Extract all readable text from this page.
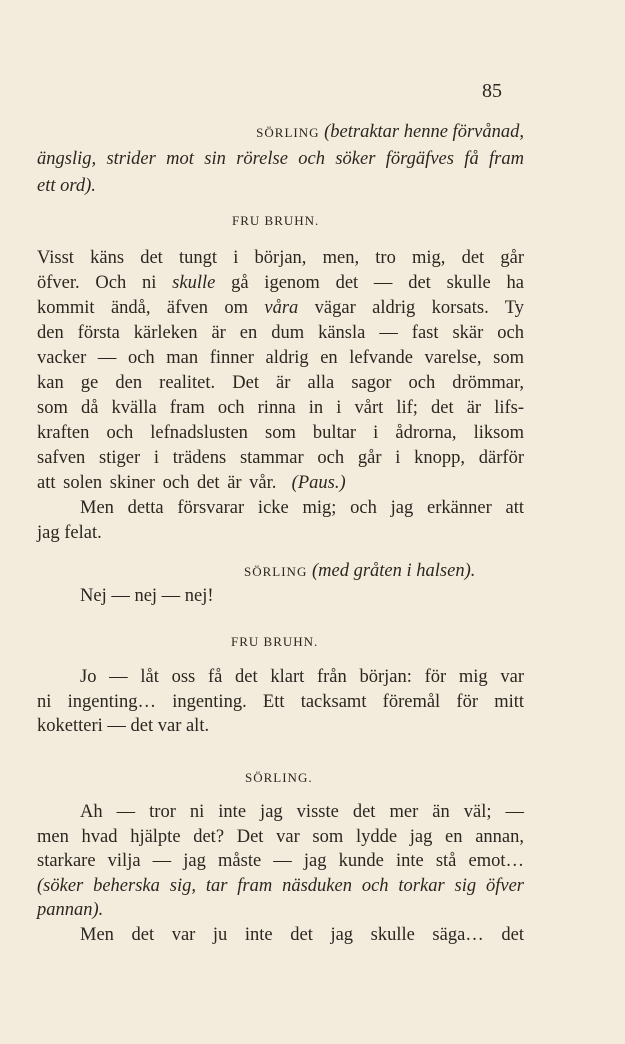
85
SÖRLING (betraktar henne förvånad,
ängslig, strider mot sin rörelse och söker förgäfves få fram
ett ord).
FRU BRUHN.
Visst käns det tungt i början, men, tro mig, det går
öfver. Och ni skulle gå igenom det — det skulle ha
kommit ändå, äfven om våra vägar aldrig korsats. Ty
den första kärleken är en dum känsla — fast skär och
vacker — och man finner aldrig en lefvande varelse, som
kan ge den realitet. Det är alla sagor och drömmar,
som då kvälla fram och rinna in i vårt lif; det är lifs-
kraften och lefnadslusten som bultar i ådrorna, liksom
safven stiger i trädens stammar och går i knopp, därför
att solen skiner och det är vår. (Paus.)
Men detta försvarar icke mig; och jag erkänner att
jag felat.
SÖRLING (med gråten i halsen).
Nej — nej — nej!
FRU BRUHN.
Jo — låt oss få det klart från början: för mig var
ni ingenting… ingenting. Ett tacksamt föremål för mitt
koketteri — det var alt.
SÖRLING.
Ah — tror ni inte jag visste det mer än väl; —
men hvad hjälpte det? Det var som lydde jag en annan,
starkare vilja — jag måste — jag kunde inte stå emot…
(söker beherska sig, tar fram näsduken och torkar sig öfver
pannan).
Men det var ju inte det jag skulle säga… det
